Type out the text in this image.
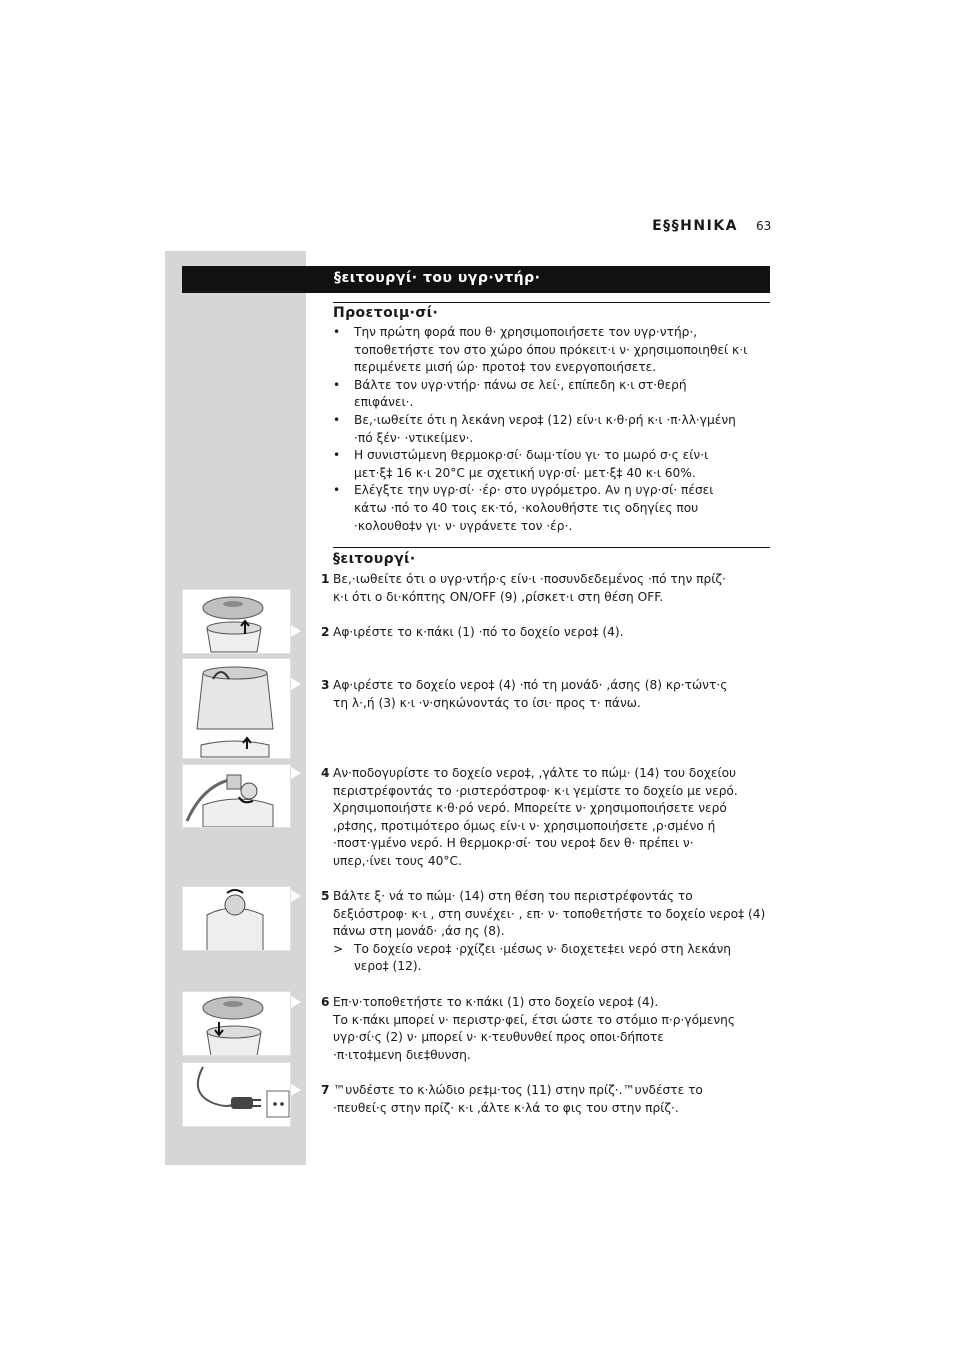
E§§HNIKA 63
§ειτουργί· του υγρ·ντήρ·
Προετοιµ·σί·
• Την πρώτη φορά που θ· χρησιµοποιήσετε τον υγρ·ντήρ·,
τοποθετήστε τον στο χώρο όπου πρόκειτ·ι ν· χρησιµοποιηθεί κ·ι
περιµένετε µισή ώρ· προτο‡ τον ενεργοποιήσετε.
• Βάλτε τον υγρ·ντήρ· πάνω σε λεί·, επίπεδη κ·ι στ·θερή
επιφάνει·.
• Βε,·ιωθείτε ότι η λεκάνη νερο‡ (12) είν·ι κ·θ·ρή κ·ι ·π·λλ·γµένη
·πό ξέν· ·ντικείµεν·.
• Η συνιστώµενη θερµοκρ·σί· δωµ·τίου γι· το µωρό σ·ς είν·ι
µετ·ξ‡ 16 κ·ι 20°C µε σχετική υγρ·σί· µετ·ξ‡ 40 κ·ι 60%.
• Ελέγξτε την υγρ·σί· ·έρ· στο υγρόµετρο. Αν η υγρ·σί· πέσει
κάτω ·πό το 40 τοις εκ·τό, ·κολουθήστε τις οδηγίες που
·κολουθο‡ν γι· ν· υγράνετε τον ·έρ·.
§ειτουργί·
1 Βε,·ιωθείτε ότι ο υγρ·ντήρ·ς είν·ι ·ποσυνδεδεµένος ·πό την πρίζ·
κ·ι ότι ο δι·κόπτης ON/OFF (9) ,ρίσκετ·ι στη θέση OFF.
2 Αφ·ιρέστε το κ·πάκι (1) ·πό το δοχείο νερο‡ (4).
3 Αφ·ιρέστε το δοχείο νερο‡ (4) ·πό τη µονάδ· ,άσης (8) κρ·τώντ·ς
τη λ·,ή (3) κ·ι ·ν·σηκώνοντάς το ίσι· προς τ· πάνω.
4 Αν·ποδογυρίστε το δοχείο νερο‡, ,γάλτε το πώµ· (14) του δοχείου
περιστρέφοντάς το ·ριστερόστροφ· κ·ι γεµίστε το δοχείο µε νερό.
Χρησιµοποιήστε κ·θ·ρό νερό. Μπορείτε ν· χρησιµοποιήσετε νερό
,ρ‡σης, προτιµότερο όµως είν·ι ν· χρησιµοποιήσετε ,ρ·σµένο ή
·ποστ·γµένο νερό. Η θερµοκρ·σί· του νερο‡ δεν θ· πρέπει ν·
υπερ,·ίνει τους 40°C.
5 Βάλτε ξ· νά το πώµ· (14) στη θέση του περιστρέφοντάς το
δεξιόστροφ· κ·ι , στη συνέχει· , επ· ν· τοποθετήστε το δοχείο νερο‡ (4)
πάνω στη µονάδ· ,άσ ης (8).
> Το δοχείο νερο‡ ·ρχίζει ·µέσως ν· διοχετε‡ει νερό στη λεκάνη
νερο‡ (12).
6 Επ·ν·τοποθετήστε το κ·πάκι (1) στο δοχείο νερο‡ (4).
Το κ·πάκι µπορεί ν· περιστρ·φεί, έτσι ώστε το στόµιο π·ρ·γόµενης
υγρ·σί·ς (2) ν· µπορεί ν· κ·τευθυνθεί προς οποι·δήποτε
·π·ιτο‡µενη διε‡θυνση.
7 ™υνδέστε το κ·λώδιο ρε‡µ·τος (11) στην πρίζ·.™υνδέστε το
·πευθεί·ς στην πρίζ· κ·ι ,άλτε κ·λά το φις του στην πρίζ·.
